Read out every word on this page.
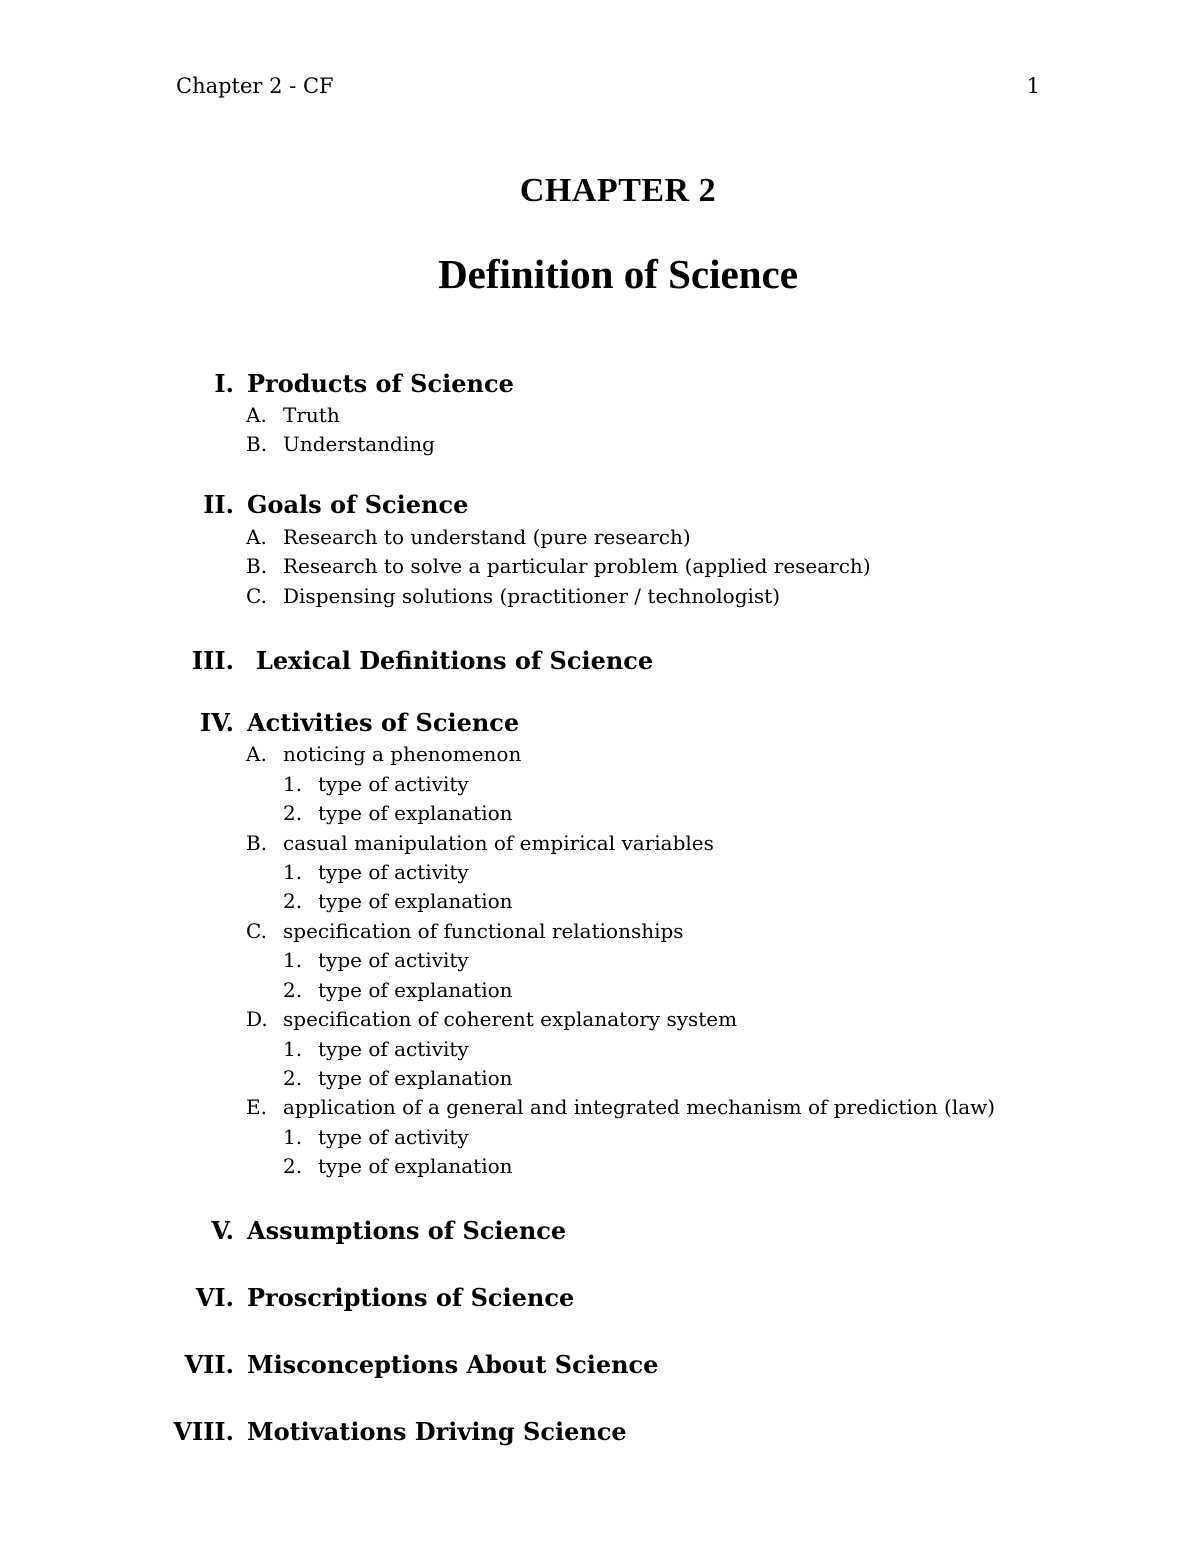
Chapter 2 - CF	1
CHAPTER 2
Definition of Science
I. Products of Science
A. Truth
B. Understanding
II. Goals of Science
A. Research to understand (pure research)
B. Research to solve a particular problem (applied research)
C. Dispensing solutions (practitioner / technologist)
III. Lexical Definitions of Science
IV. Activities of Science
A. noticing a phenomenon
1. type of activity
2. type of explanation
B. casual manipulation of empirical variables
1. type of activity
2. type of explanation
C. specification of functional relationships
1. type of activity
2. type of explanation
D. specification of coherent explanatory system
1. type of activity
2. type of explanation
E. application of a general and integrated mechanism of prediction (law)
1. type of activity
2. type of explanation
V. Assumptions of Science
VI. Proscriptions of Science
VII. Misconceptions About Science
VIII. Motivations Driving Science
